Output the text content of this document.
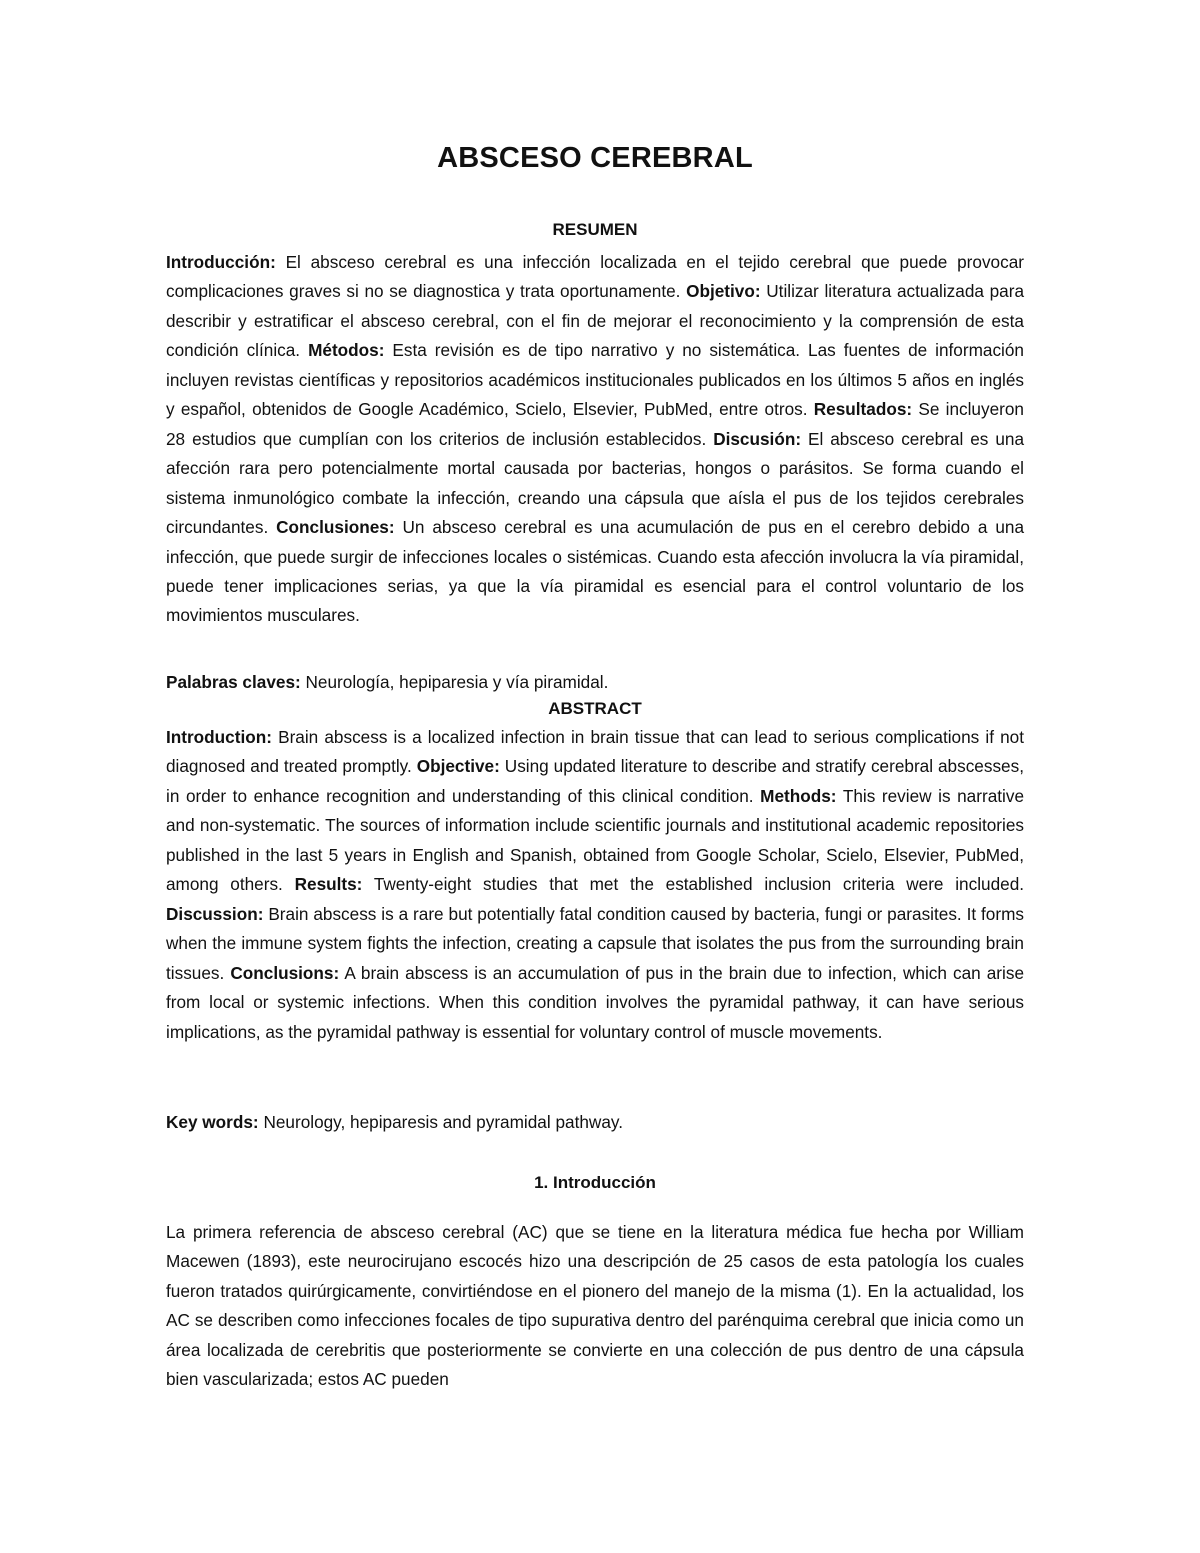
ABSCESO CEREBRAL
RESUMEN

Introducción: El absceso cerebral es una infección localizada en el tejido cerebral que puede provocar complicaciones graves si no se diagnostica y trata oportunamente. Objetivo: Utilizar literatura actualizada para describir y estratificar el absceso cerebral, con el fin de mejorar el reconocimiento y la comprensión de esta condición clínica. Métodos: Esta revisión es de tipo narrativo y no sistemática. Las fuentes de información incluyen revistas científicas y repositorios académicos institucionales publicados en los últimos 5 años en inglés y español, obtenidos de Google Académico, Scielo, Elsevier, PubMed, entre otros. Resultados: Se incluyeron 28 estudios que cumplían con los criterios de inclusión establecidos. Discusión: El absceso cerebral es una afección rara pero potencialmente mortal causada por bacterias, hongos o parásitos. Se forma cuando el sistema inmunológico combate la infección, creando una cápsula que aísla el pus de los tejidos cerebrales circundantes. Conclusiones: Un absceso cerebral es una acumulación de pus en el cerebro debido a una infección, que puede surgir de infecciones locales o sistémicas. Cuando esta afección involucra la vía piramidal, puede tener implicaciones serias, ya que la vía piramidal es esencial para el control voluntario de los movimientos musculares.

Palabras claves: Neurología, hepiparesia y vía piramidal.

ABSTRACT

Introduction: Brain abscess is a localized infection in brain tissue that can lead to serious complications if not diagnosed and treated promptly. Objective: Using updated literature to describe and stratify cerebral abscesses, in order to enhance recognition and understanding of this clinical condition. Methods: This review is narrative and non-systematic. The sources of information include scientific journals and institutional academic repositories published in the last 5 years in English and Spanish, obtained from Google Scholar, Scielo, Elsevier, PubMed, among others. Results: Twenty-eight studies that met the established inclusion criteria were included. Discussion: Brain abscess is a rare but potentially fatal condition caused by bacteria, fungi or parasites. It forms when the immune system fights the infection, creating a capsule that isolates the pus from the surrounding brain tissues. Conclusions: A brain abscess is an accumulation of pus in the brain due to infection, which can arise from local or systemic infections. When this condition involves the pyramidal pathway, it can have serious implications, as the pyramidal pathway is essential for voluntary control of muscle movements.

Key words: Neurology, hepiparesis and pyramidal pathway.

1. Introducción

La primera referencia de absceso cerebral (AC) que se tiene en la literatura médica fue hecha por William Macewen (1893), este neurocirujano escocés hizo una descripción de 25 casos de esta patología los cuales fueron tratados quirúrgicamente, convirtiéndose en el pionero del manejo de la misma (1). En la actualidad, los AC se describen como infecciones focales de tipo supurativa dentro del parénquima cerebral que inicia como un área localizada de cerebritis que posteriormente se convierte en una colección de pus dentro de una cápsula bien vascularizada; estos AC pueden
